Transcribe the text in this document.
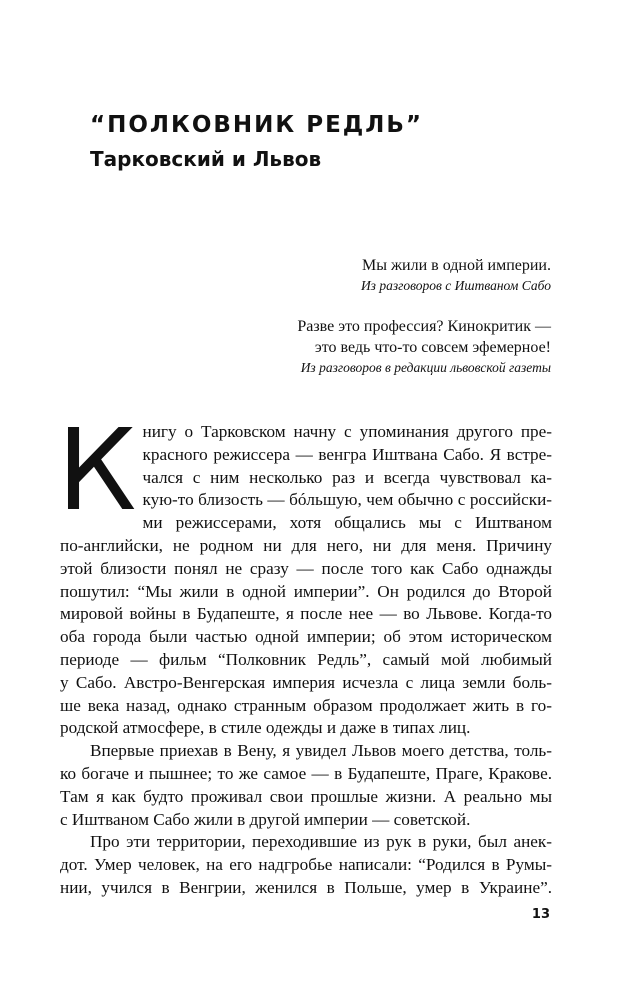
“ПОЛКОВНИК РЕДЛЬ”
Тарковский и Львов
Мы жили в одной империи.
Из разговоров с Иштваном Сабо
Разве это профессия? Кинокритик —
это ведь что-то совсем эфемерное!
Из разговоров в редакции львовской газеты
К нигу о Тарковском начну с упоминания другого пре-
красного режиссера — венгра Иштвана Сабо. Я встре-
чался с ним несколько раз и всегда чувствовал ка-
кую-то близость — бóльшую, чем обычно с российски-
ми режиссерами, хотя общались мы с Иштваном
по-английски, не родном ни для него, ни для меня. Причину
этой близости понял не сразу — после того как Сабо однажды
пошутил: “Мы жили в одной империи”. Он родился до Второй
мировой войны в Будапеште, я после нее — во Львове. Когда-то
оба города были частью одной империи; об этом историческом
периоде — фильм “Полковник Редль”, самый мой любимый
у Сабо. Австро-Венгерская империя исчезла с лица земли боль-
ше века назад, однако странным образом продолжает жить в го-
родской атмосфере, в стиле одежды и даже в типах лиц.
Впервые приехав в Вену, я увидел Львов моего детства, толь-
ко богаче и пышнее; то же самое — в Будапеште, Праге, Кракове.
Там я как будто проживал свои прошлые жизни. А реально мы
с Иштваном Сабо жили в другой империи — советской.
Про эти территории, переходившие из рук в руки, был анек-
дот. Умер человек, на его надгробье написали: “Родился в Румы-
нии, учился в Венгрии, женился в Польше, умер в Украине”.
13
